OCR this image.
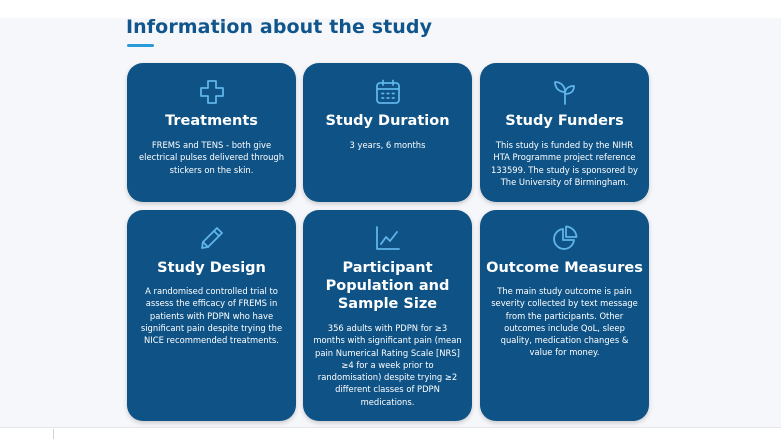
Information about the study
Treatments

FREMS and TENS - both give electrical pulses delivered through stickers on the skin.

Study Duration

3 years, 6 months

Study Funders

This study is funded by the NIHR HTA Programme project reference 133599. The study is sponsored by The University of Birmingham.

Study Design

A randomised controlled trial to assess the efficacy of FREMS in patients with PDPN who have significant pain despite trying the NICE recommended treatments.

Participant Population and Sample Size

356 adults with PDPN for ≥3 months with significant pain (mean pain Numerical Rating Scale [NRS] ≥4 for a week prior to randomisation) despite trying ≥2 different classes of PDPN medications.

Outcome Measures

The main study outcome is pain severity collected by text message from the participants. Other outcomes include QoL, sleep quality, medication changes & value for money.
